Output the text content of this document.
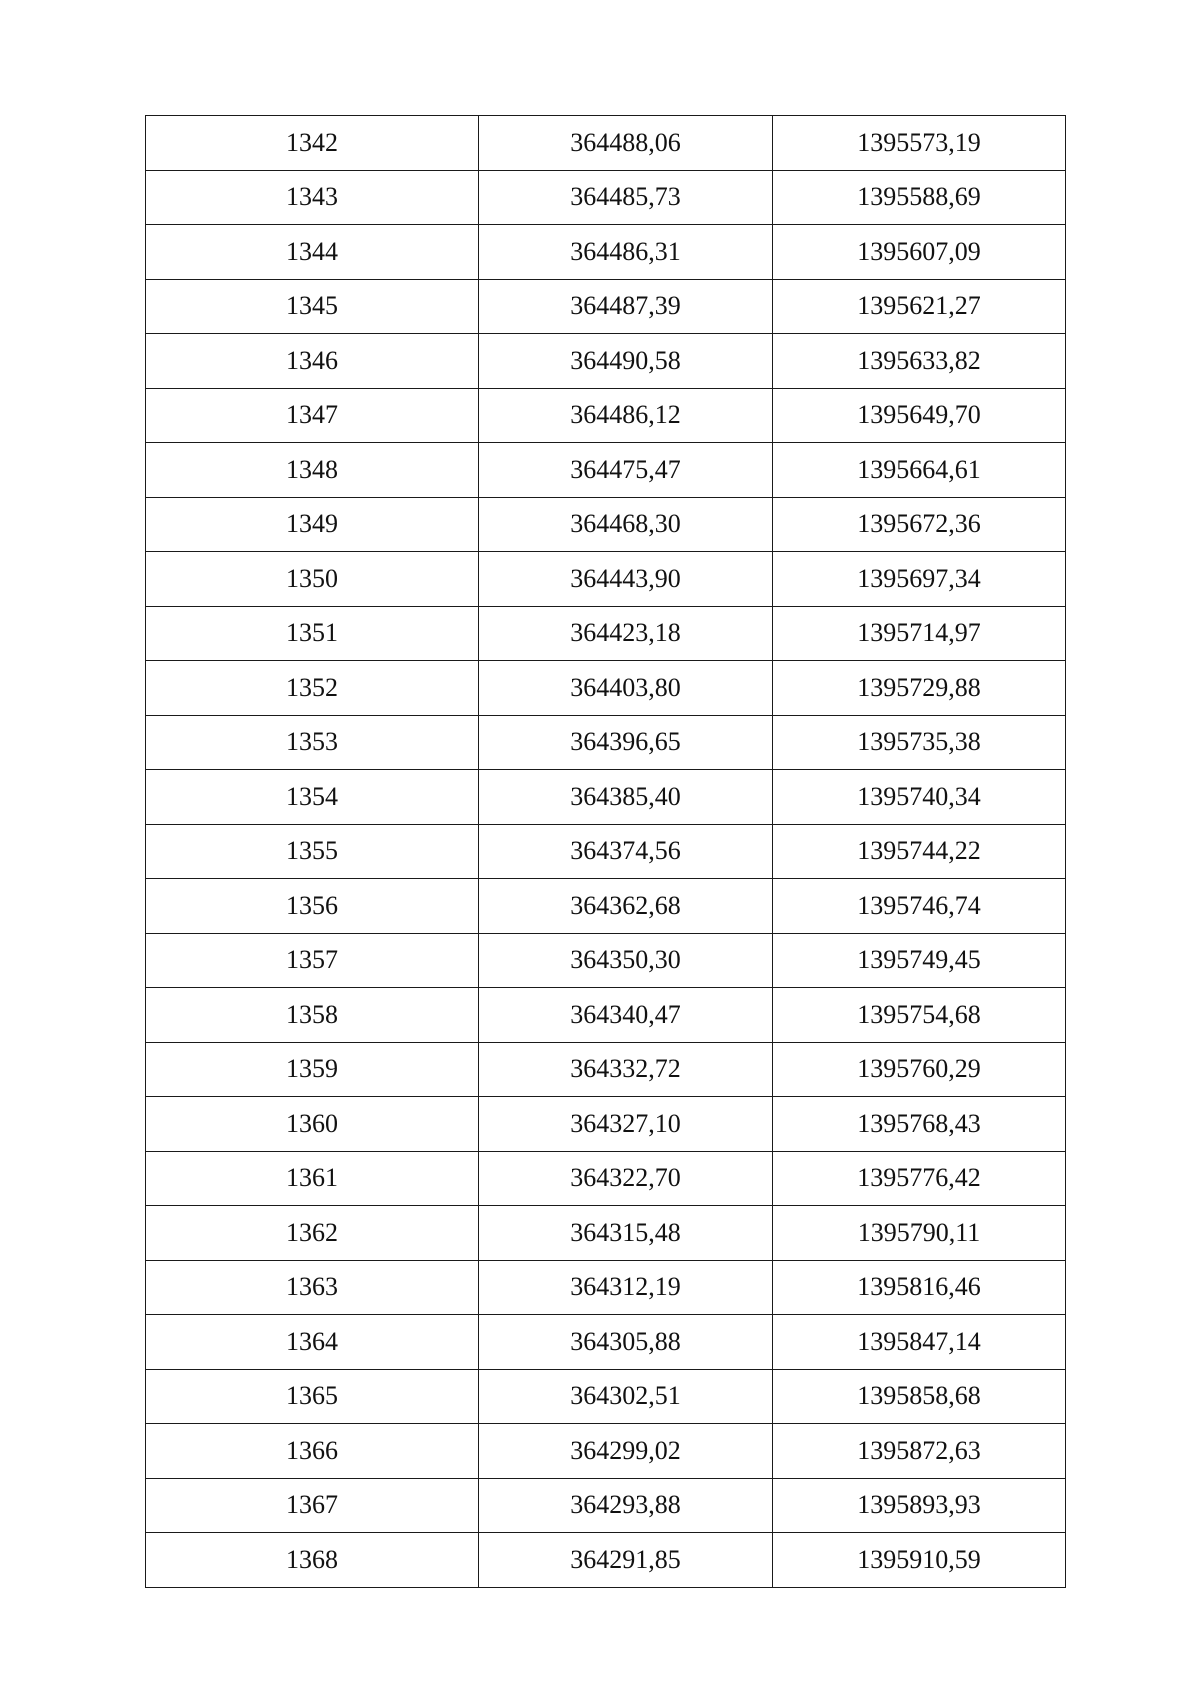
1342	364488,06	1395573,19
1343	364485,73	1395588,69
1344	364486,31	1395607,09
1345	364487,39	1395621,27
1346	364490,58	1395633,82
1347	364486,12	1395649,70
1348	364475,47	1395664,61
1349	364468,30	1395672,36
1350	364443,90	1395697,34
1351	364423,18	1395714,97
1352	364403,80	1395729,88
1353	364396,65	1395735,38
1354	364385,40	1395740,34
1355	364374,56	1395744,22
1356	364362,68	1395746,74
1357	364350,30	1395749,45
1358	364340,47	1395754,68
1359	364332,72	1395760,29
1360	364327,10	1395768,43
1361	364322,70	1395776,42
1362	364315,48	1395790,11
1363	364312,19	1395816,46
1364	364305,88	1395847,14
1365	364302,51	1395858,68
1366	364299,02	1395872,63
1367	364293,88	1395893,93
1368	364291,85	1395910,59
